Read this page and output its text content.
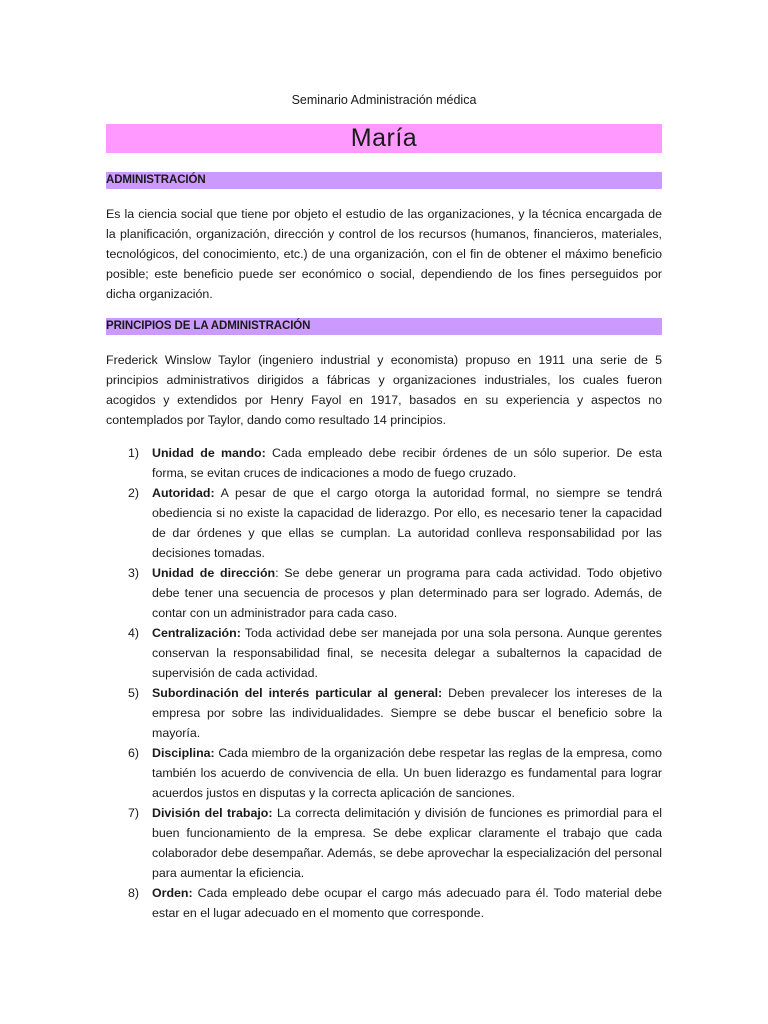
Seminario Administración médica
María
ADMINISTRACIÓN

Es la ciencia social que tiene por objeto el estudio de las organizaciones, y la técnica encargada de la planificación, organización, dirección y control de los recursos (humanos, financieros, materiales, tecnológicos, del conocimiento, etc.) de una organización, con el fin de obtener el máximo beneficio posible; este beneficio puede ser económico o social, dependiendo de los fines perseguidos por dicha organización.

PRINCIPIOS DE LA ADMINISTRACIÓN

Frederick Winslow Taylor (ingeniero industrial y economista) propuso en 1911 una serie de 5 principios administrativos dirigidos a fábricas y organizaciones industriales, los cuales fueron acogidos y extendidos por Henry Fayol en 1917, basados en su experiencia y aspectos no contemplados por Taylor, dando como resultado 14 principios.

1) Unidad de mando: Cada empleado debe recibir órdenes de un sólo superior. De esta forma, se evitan cruces de indicaciones a modo de fuego cruzado.
2) Autoridad: A pesar de que el cargo otorga la autoridad formal, no siempre se tendrá obediencia si no existe la capacidad de liderazgo. Por ello, es necesario tener la capacidad de dar órdenes y que ellas se cumplan. La autoridad conlleva responsabilidad por las decisiones tomadas.
3) Unidad de dirección: Se debe generar un programa para cada actividad. Todo objetivo debe tener una secuencia de procesos y plan determinado para ser logrado. Además, de contar con un administrador para cada caso.
4) Centralización: Toda actividad debe ser manejada por una sola persona. Aunque gerentes conservan la responsabilidad final, se necesita delegar a subalternos la capacidad de supervisión de cada actividad.
5) Subordinación del interés particular al general: Deben prevalecer los intereses de la empresa por sobre las individualidades. Siempre se debe buscar el beneficio sobre la mayoría.
6) Disciplina: Cada miembro de la organización debe respetar las reglas de la empresa, como también los acuerdo de convivencia de ella. Un buen liderazgo es fundamental para lograr acuerdos justos en disputas y la correcta aplicación de sanciones.
7) División del trabajo: La correcta delimitación y división de funciones es primordial para el buen funcionamiento de la empresa. Se debe explicar claramente el trabajo que cada colaborador debe desempañar. Además, se debe aprovechar la especialización del personal para aumentar la eficiencia.
8) Orden: Cada empleado debe ocupar el cargo más adecuado para él. Todo material debe estar en el lugar adecuado en el momento que corresponde.
